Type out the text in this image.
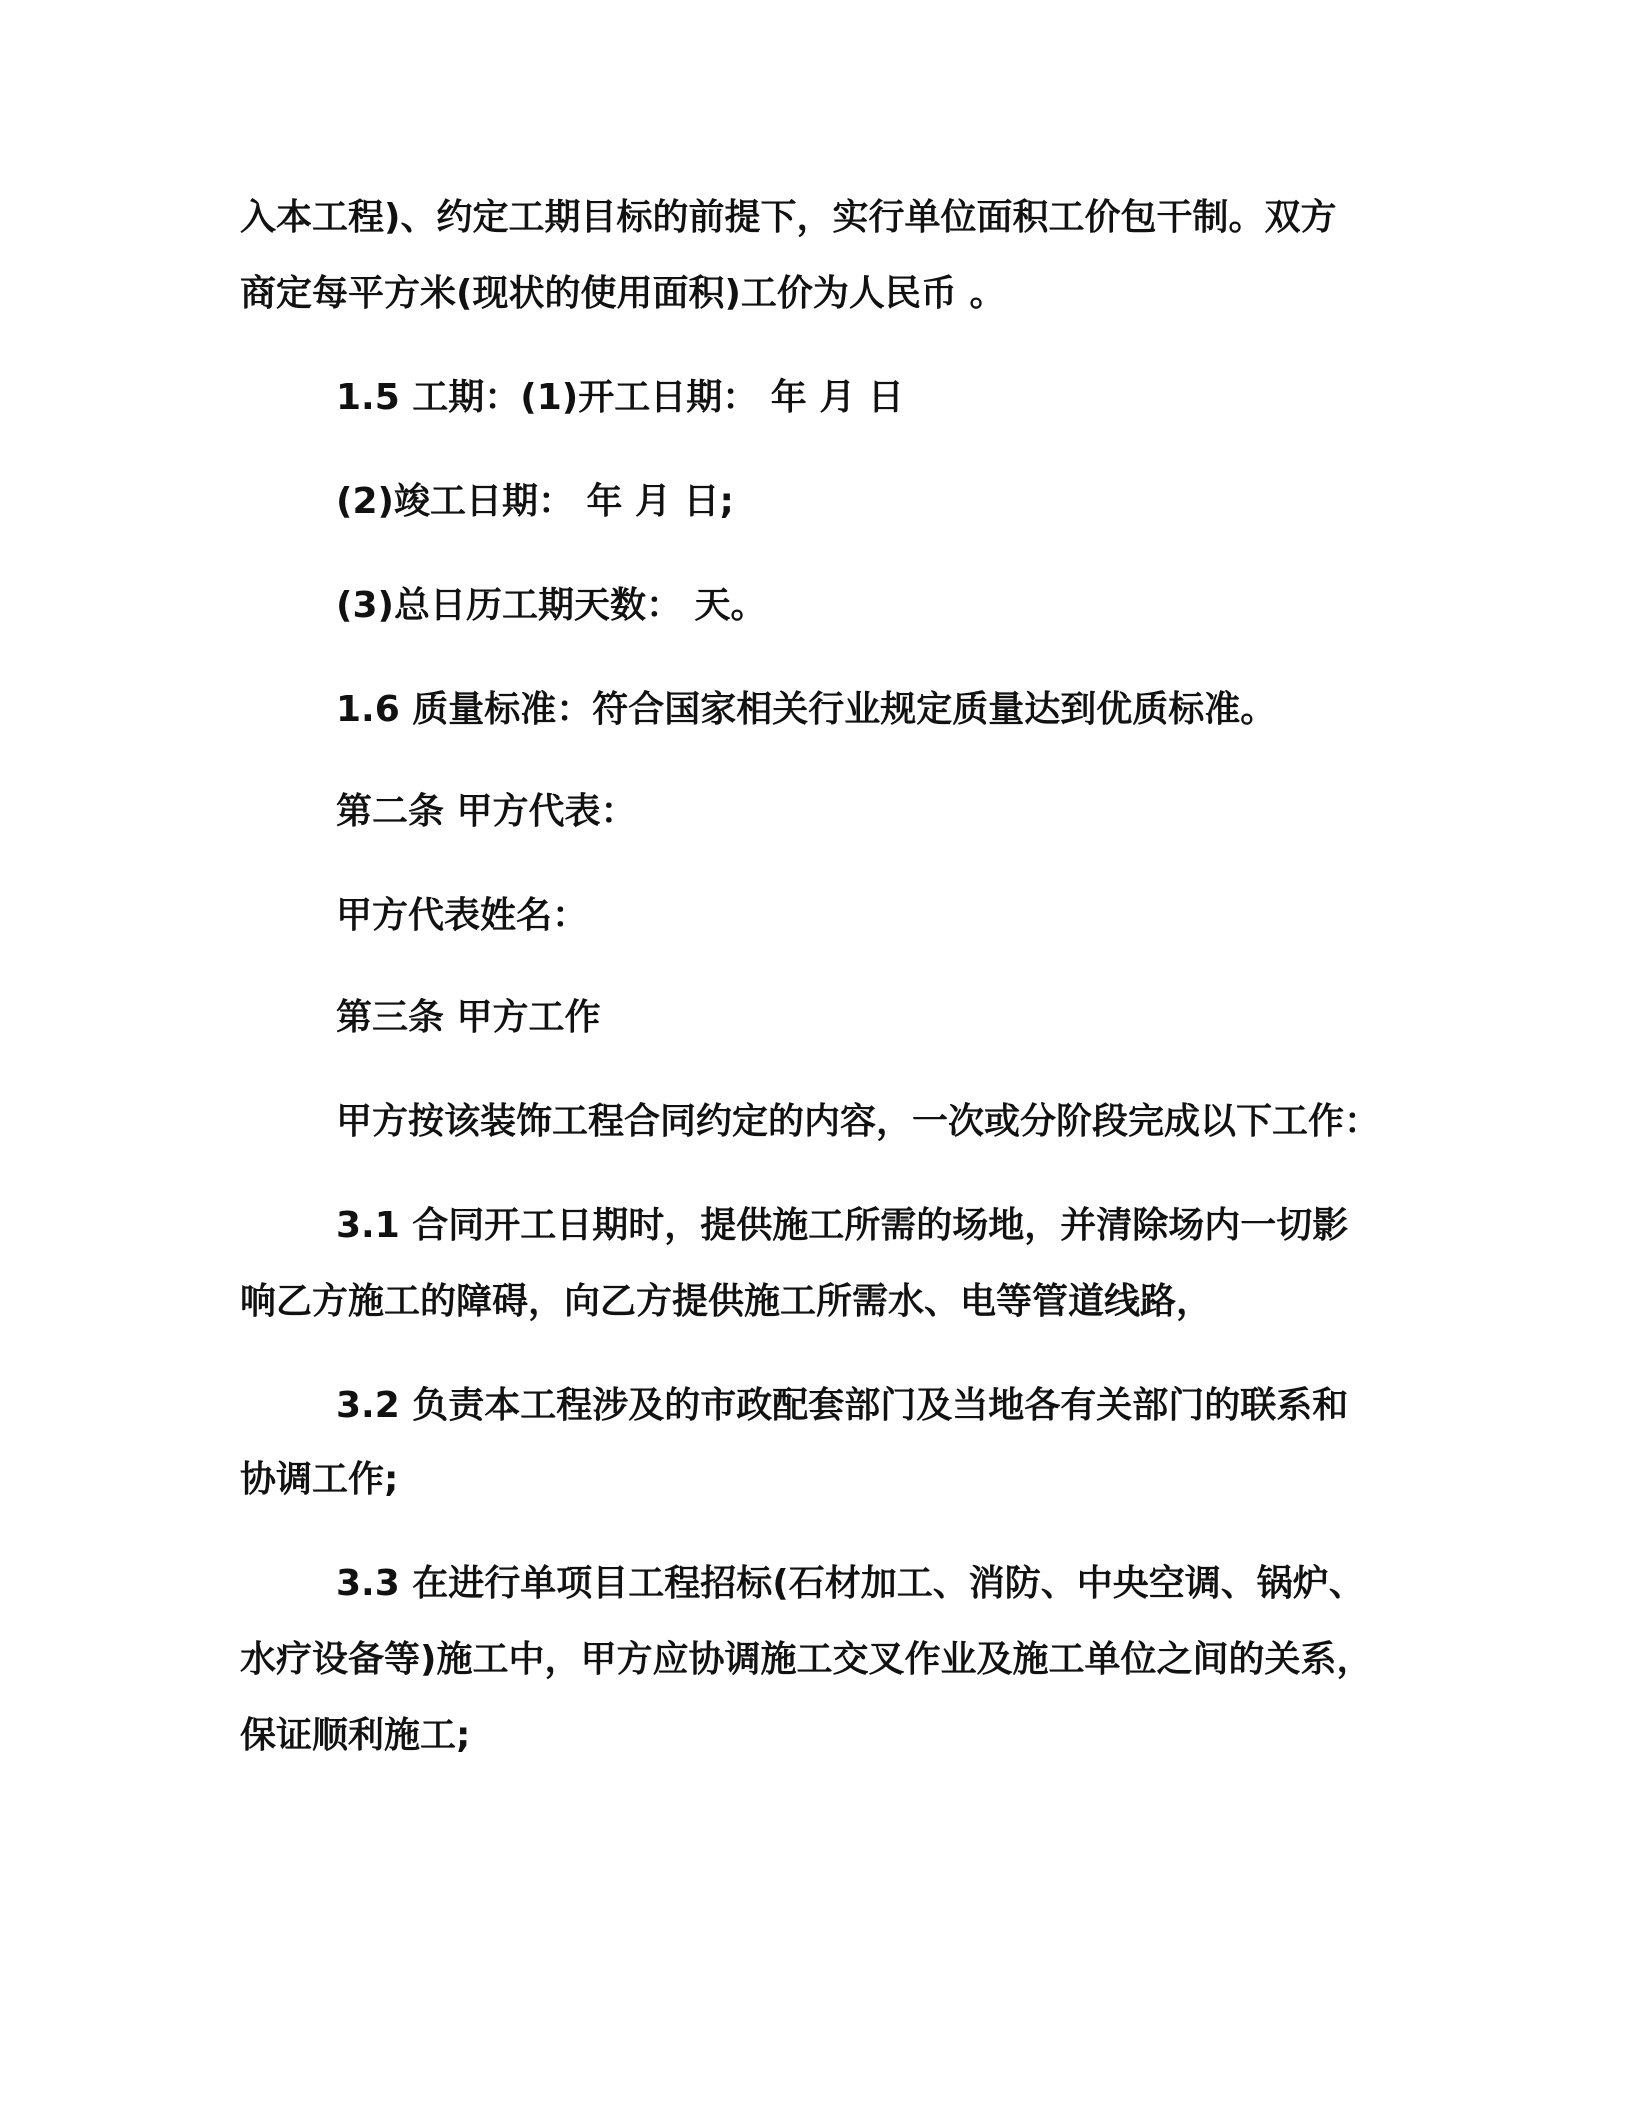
入本工程)、约定工期目标的前提下，实行单位面积工价包干制。双方
商定每平方米(现状的使用面积)工价为人民币 。
1.5 工期：(1)开工日期： 年 月 日
(2)竣工日期： 年 月 日;
(3)总日历工期天数： 天。
1.6 质量标准：符合国家相关行业规定质量达到优质标准。
第二条 甲方代表：
甲方代表姓名：
第三条 甲方工作
甲方按该装饰工程合同约定的内容，一次或分阶段完成以下工作：
3.1 合同开工日期时，提供施工所需的场地，并清除场内一切影
响乙方施工的障碍，向乙方提供施工所需水、电等管道线路，
3.2 负责本工程涉及的市政配套部门及当地各有关部门的联系和
协调工作;
3.3 在进行单项目工程招标(石材加工、消防、中央空调、锅炉、
水疗设备等)施工中，甲方应协调施工交叉作业及施工单位之间的关系，
保证顺利施工;
